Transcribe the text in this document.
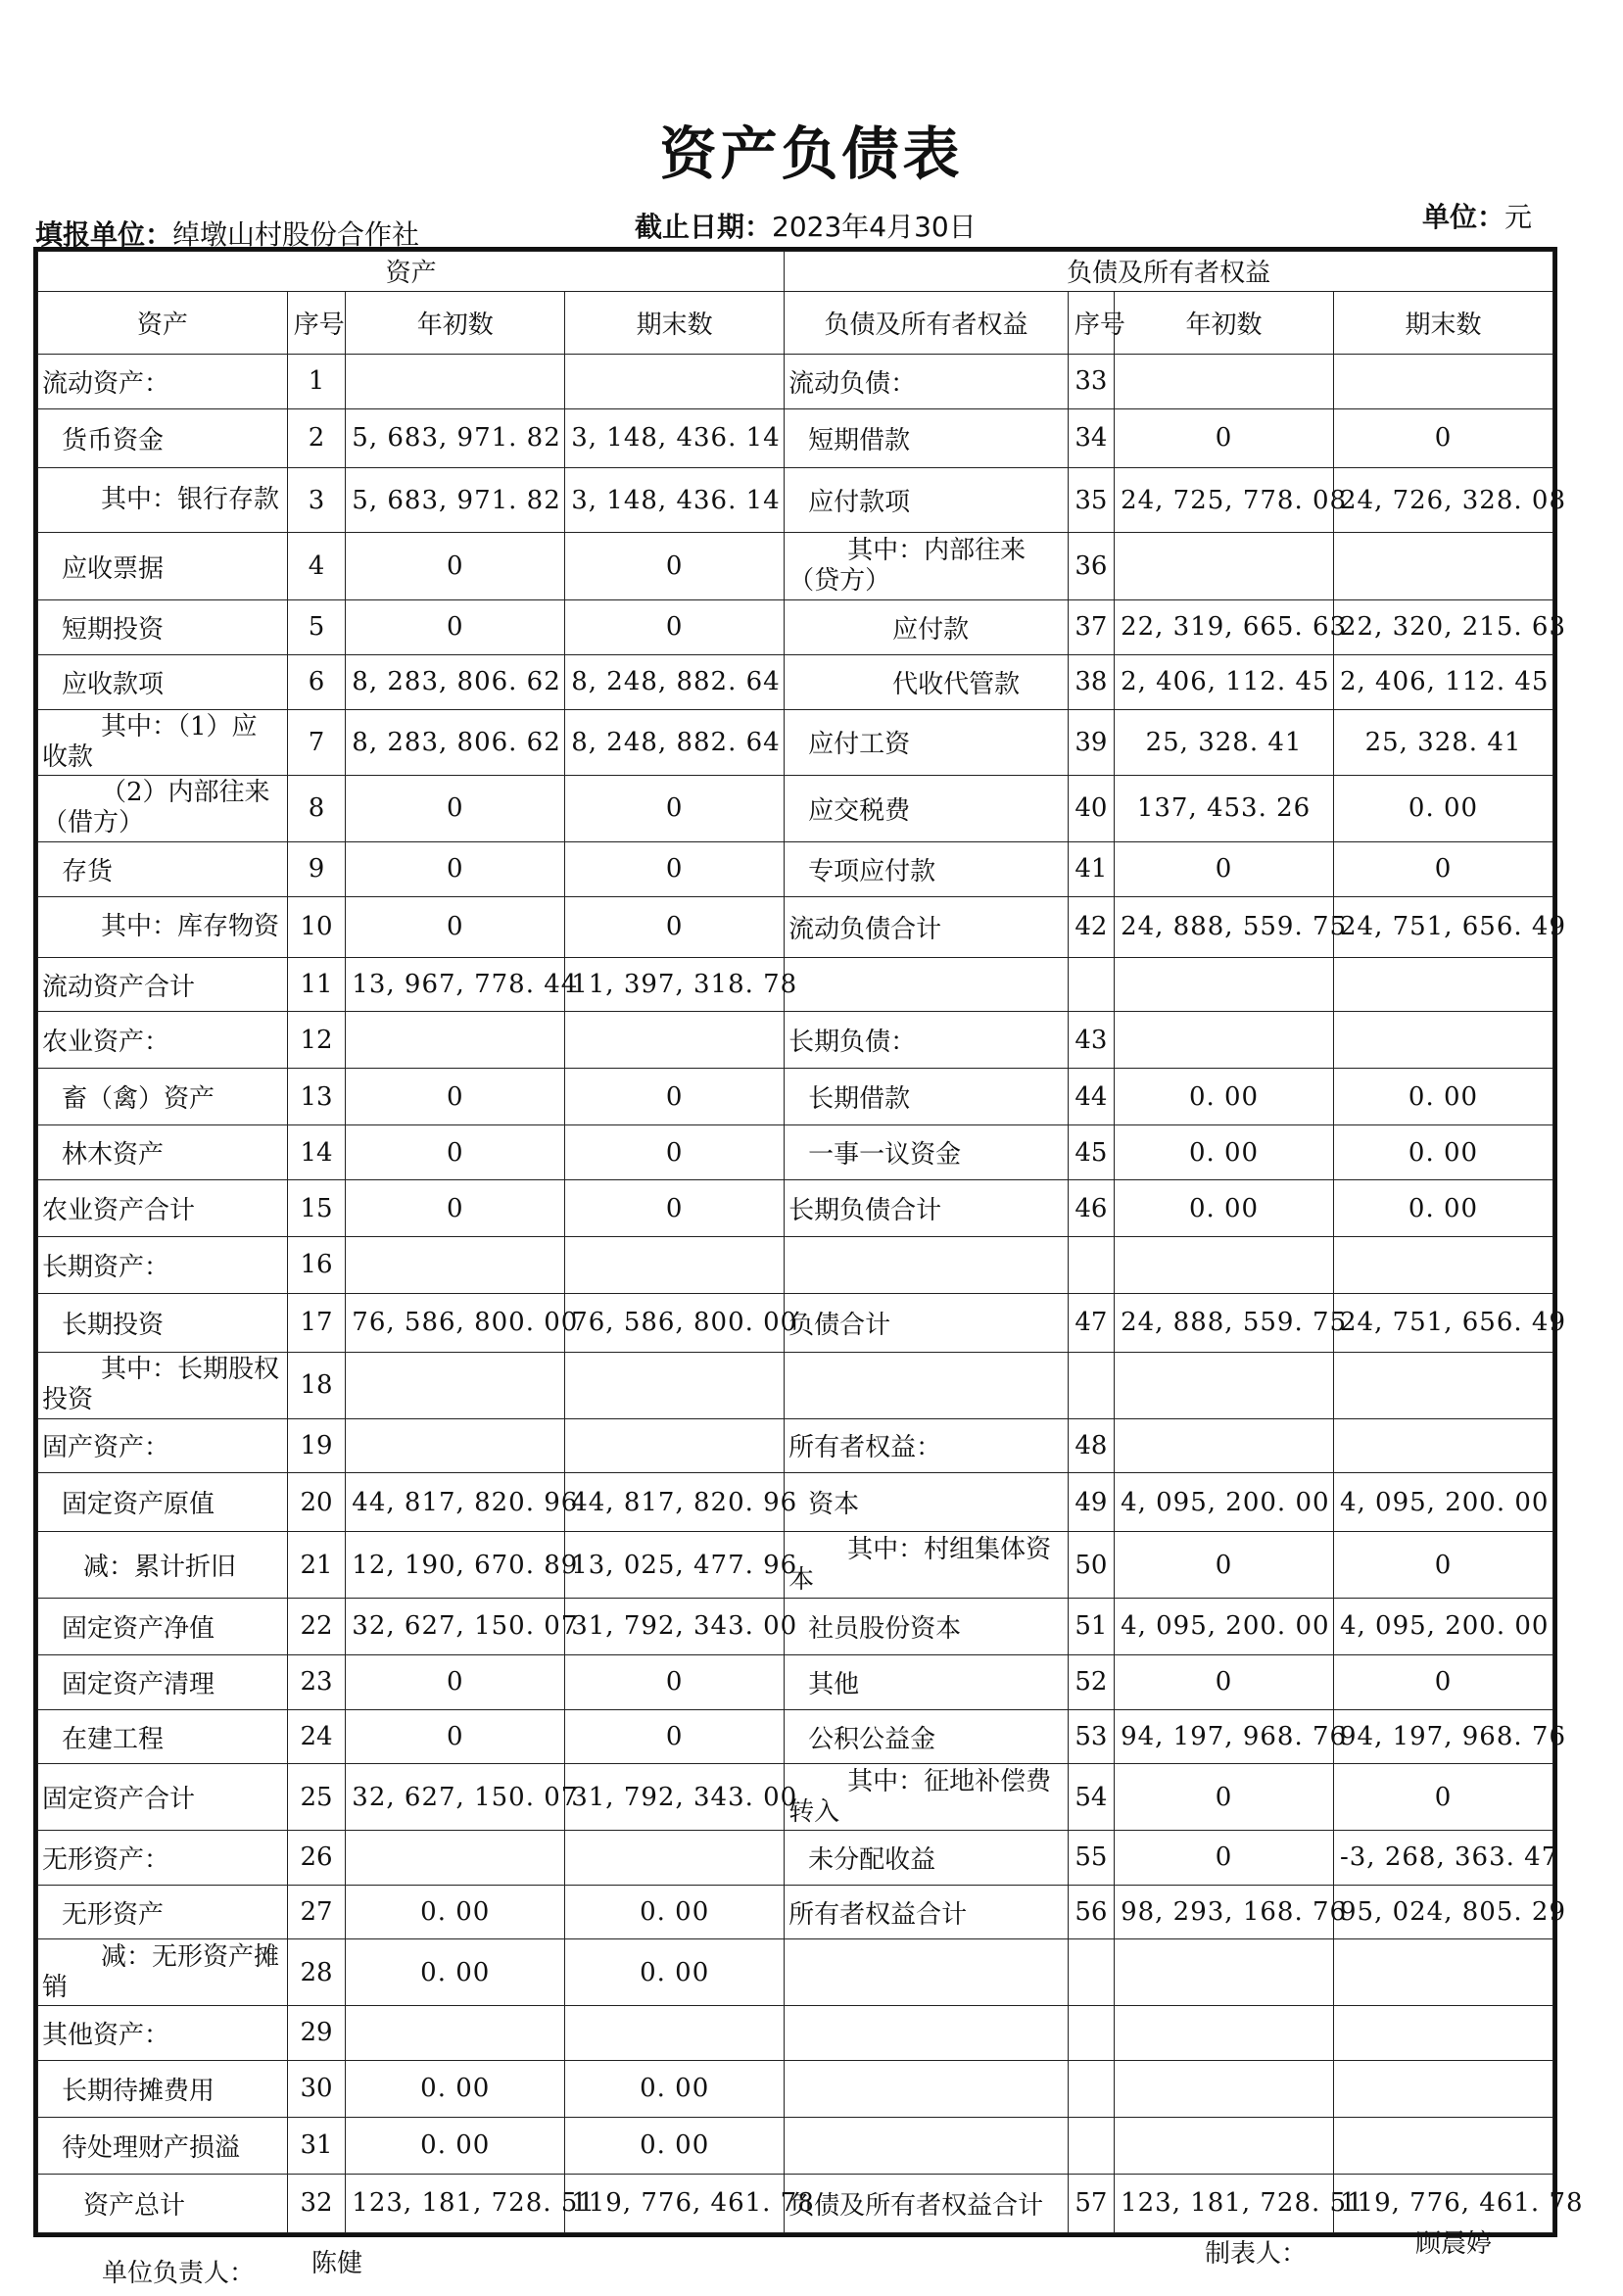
资产负债表
填报单位：绰墩山村股份合作社	截止日期：2023年4月30日	单位：元
资产				负债及所有者权益			
资产	序号	年初数	期末数	负债及所有者权益	序号	年初数	期末数
流动资产：	1			流动负债：	33		
货币资金	2	5, 683, 971. 82	3, 148, 436. 14	短期借款	34	0	0
其中：银行存款	3	5, 683, 971. 82	3, 148, 436. 14	应付款项	35	24, 725, 778. 08	24, 726, 328. 08
应收票据	4	0	0	其中：内部往来（贷方）	36		
短期投资	5	0	0	应付款	37	22, 319, 665. 63	22, 320, 215. 63
应收款项	6	8, 283, 806. 62	8, 248, 882. 64	代收代管款	38	2, 406, 112. 45	2, 406, 112. 45
其中：（1）应收款	7	8, 283, 806. 62	8, 248, 882. 64	应付工资	39	25, 328. 41	25, 328. 41
（2）内部往来（借方）	8	0	0	应交税费	40	137, 453. 26	0. 00
存货	9	0	0	专项应付款	41	0	0
其中：库存物资	10	0	0	流动负债合计	42	24, 888, 559. 75	24, 751, 656. 49
流动资产合计	11	13, 967, 778. 44	11, 397, 318. 78				
农业资产：	12			长期负债：	43		
畜（禽）资产	13	0	0	长期借款	44	0. 00	0. 00
林木资产	14	0	0	一事一议资金	45	0. 00	0. 00
农业资产合计	15	0	0	长期负债合计	46	0. 00	0. 00
长期资产：	16						
长期投资	17	76, 586, 800. 00	76, 586, 800. 00	负债合计	47	24, 888, 559. 75	24, 751, 656. 49
其中：长期股权投资	18						
固产资产：	19			所有者权益：	48		
固定资产原值	20	44, 817, 820. 96	44, 817, 820. 96	资本	49	4, 095, 200. 00	4, 095, 200. 00
减：累计折旧	21	12, 190, 670. 89	13, 025, 477. 96	其中：村组集体资本	50	0	0
固定资产净值	22	32, 627, 150. 07	31, 792, 343. 00	社员股份资本	51	4, 095, 200. 00	4, 095, 200. 00
固定资产清理	23	0	0	其他	52	0	0
在建工程	24	0	0	公积公益金	53	94, 197, 968. 76	94, 197, 968. 76
固定资产合计	25	32, 627, 150. 07	31, 792, 343. 00	其中：征地补偿费转入	54	0	0
无形资产：	26			未分配收益	55	0	-3, 268, 363. 47
无形资产	27	0. 00	0. 00	所有者权益合计	56	98, 293, 168. 76	95, 024, 805. 29
减：无形资产摊销	28	0. 00	0. 00				
其他资产：	29						
长期待摊费用	30	0. 00	0. 00				
待处理财产损溢	31	0. 00	0. 00				
资产总计	32	123, 181, 728. 51	119, 776, 461. 78	负债及所有者权益合计	57	123, 181, 728. 51	119, 776, 461. 78
单位负责人： 陈健	制表人：	顾晨婷
